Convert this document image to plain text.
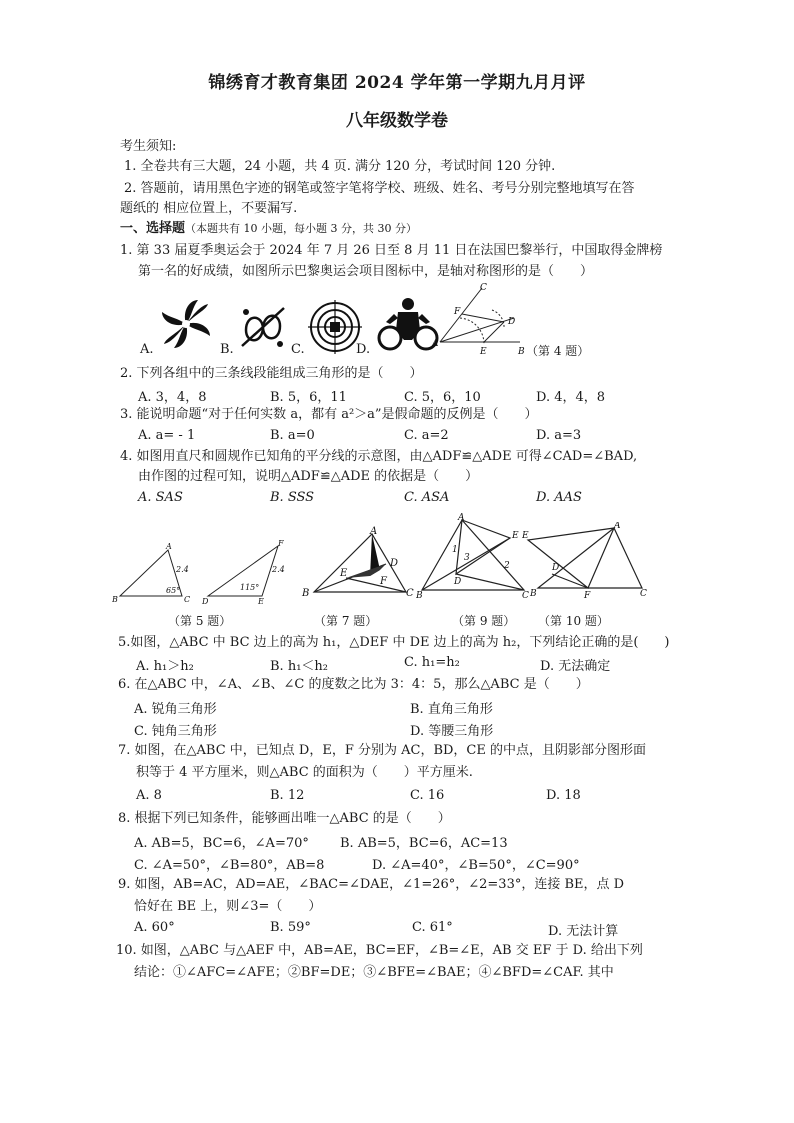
锦绣育才教育集团 2024 学年第一学期九月月评
八年级数学卷
考生须知:
1. 全卷共有三大题，24 小题，共 4 页. 满分 120 分，考试时间 120 分钟.
2. 答题前，请用黑色字迹的钢笔或签字笔将学校、班级、姓名、考号分别完整地填写在答
题纸的 相应位置上，不要漏写.
一、选择题（本题共有 10 小题，每小题 3 分，共 30 分）
1. 第 33 届夏季奥运会于 2024 年 7 月 26 日至 8 月 11 日在法国巴黎举行，中国取得金牌榜
第一名的好成绩，如图所示巴黎奥运会项目图标中，是轴对称图形的是（　　）
A.	B.	C.	D.
C
F
D
A
E	B （第 4 题）
2. 下列各组中的三条线段能组成三角形的是（　　）
A. 3，4，8	B. 5，6，11	C. 5，6，10	D. 4，4，8
3. 能说明命题“对于任何实数 a，都有 a²＞a”是假命题的反例是（　　）
A. a= - 1	B. a=0	C. a=2	D. a=3
4. 如图用直尺和圆规作已知角的平分线的示意图，由△ADF≌△ADE 可得∠CAD=∠BAD,
由作图的过程可知，说明△ADF≌△ADE 的依据是（　　）
A. SAS	B. SSS	C. ASA	D. AAS
A
B	C
65°
2.4
F
D	E
115°
2.4
（第 5 题）
A
B	C
D
E
F
（第 7 题）
A
B	C
D
E
1
2
3
（第 9 题）
A
B	C
D
E
F
（第 10 题）
5.如图，△ABC 中 BC 边上的高为 h₁，△DEF 中 DE 边上的高为 h₂，下列结论正确的是(　　)
A. h₁＞h₂	B. h₁＜h₂	C. h₁=h₂	D. 无法确定
6. 在△ABC 中，∠A、∠B、∠C 的度数之比为 3：4：5，那么△ABC 是（　　）
A. 锐角三角形	B. 直角三角形
C. 钝角三角形	D. 等腰三角形
7. 如图，在△ABC 中，已知点 D，E，F 分别为 AC，BD，CE 的中点，且阴影部分图形面
积等于 4 平方厘米，则△ABC 的面积为（　　）平方厘米.
A. 8	B. 12	C. 16	D. 18
8. 根据下列已知条件，能够画出唯一△ABC 的是（　　）
A. AB=5，BC=6，∠A=70° B. AB=5，BC=6，AC=13
C. ∠A=50°，∠B=80°，AB=8	D. ∠A=40°，∠B=50°，∠C=90°
9. 如图，AB=AC，AD=AE，∠BAC=∠DAE，∠1=26°，∠2=33°，连接 BE，点 D
恰好在 BE 上，则∠3=（　　）
A. 60°	B. 59°	C. 61°	D. 无法计算
10. 如图，△ABC 与△AEF 中，AB=AE，BC=EF，∠B=∠E，AB 交 EF 于 D. 给出下列
结论：①∠AFC=∠AFE；②BF=DE；③∠BFE=∠BAE；④∠BFD=∠CAF. 其中
